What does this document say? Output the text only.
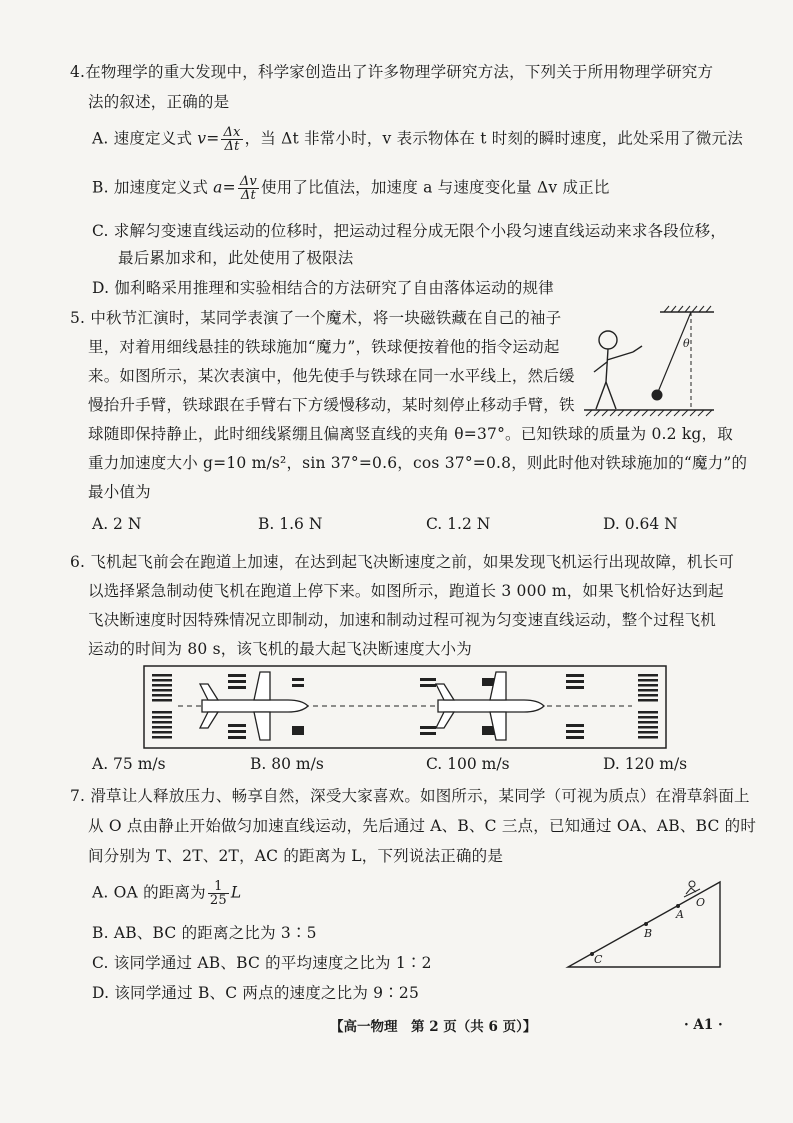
4.在物理学的重大发现中，科学家创造出了许多物理学研究方法，下列关于所用物理学研究方
法的叙述，正确的是
A. 速度定义式 $v= \frac{\Delta x}{\Delta t}$ ，当 Δt 非常小时，v 表示物体在 t 时刻的瞬时速度，此处采用了微元法
B. 加速度定义式 $a= \frac{\Delta v}{\Delta t}$ 使用了比值法，加速度 a 与速度变化量 Δv 成正比
C. 求解匀变速直线运动的位移时，把运动过程分成无限个小段匀速直线运动来求各段位移，
最后累加求和，此处使用了极限法
D. 伽利略采用推理和实验相结合的方法研究了自由落体运动的规律
5. 中秋节汇演时，某同学表演了一个魔术，将一块磁铁藏在自己的袖子
里，对着用细线悬挂的铁球施加“魔力”，铁球便按着他的指令运动起
来。如图所示，某次表演中，他先使手与铁球在同一水平线上，然后缓
慢抬升手臂，铁球跟在手臂右下方缓慢移动，某时刻停止移动手臂，铁
球随即保持静止，此时细线紧绷且偏离竖直线的夹角 θ=37°。已知铁球的质量为 0.2 kg，取
重力加速度大小 g=10 m/s²，sin 37°=0.6，cos 37°=0.8，则此时他对铁球施加的“魔力”的
最小值为
A. 2 N	B. 1.6 N	C. 1.2 N	D. 0.64 N
θ
6. 飞机起飞前会在跑道上加速，在达到起飞决断速度之前，如果发现飞机运行出现故障，机长可
以选择紧急制动使飞机在跑道上停下来。如图所示，跑道长 3 000 m，如果飞机恰好达到起
飞决断速度时因特殊情况立即制动，加速和制动过程可视为匀变速直线运动，整个过程飞机
运动的时间为 80 s，该飞机的最大起飞决断速度大小为
A. 75 m/s	B. 80 m/s	C. 100 m/s	D. 120 m/s
7. 滑草让人释放压力、畅享自然，深受大家喜欢。如图所示，某同学（可视为质点）在滑草斜面上
从 O 点由静止开始做匀加速直线运动，先后通过 A、B、C 三点，已知通过 OA、AB、BC 的时
间分别为 T、2T、2T，AC 的距离为 L，下列说法正确的是
A. OA 的距离为 $\frac{1}{25}$ L
B. AB、BC 的距离之比为 3∶5
C. 该同学通过 AB、BC 的平均速度之比为 1∶2
D. 该同学通过 B、C 两点的速度之比为 9∶25
O
A
B
C
【高一物理　第 2 页（共 6 页）】	· A1 ·
